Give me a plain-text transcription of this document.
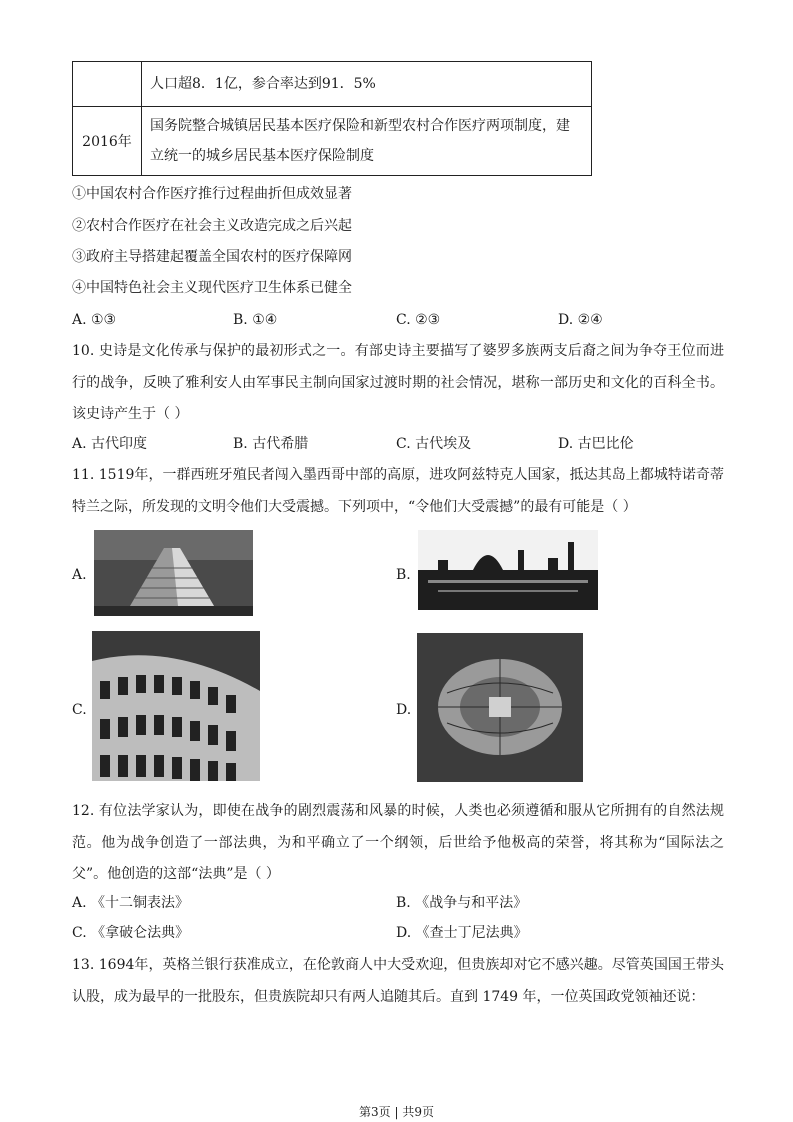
	人口超8．1亿，参合率达到91．5%
2016年	国务院整合城镇居民基本医疗保险和新型农村合作医疗两项制度，建立统一的城乡居民基本医疗保险制度
①中国农村合作医疗推行过程曲折但成效显著
②农村合作医疗在社会主义改造完成之后兴起
③政府主导搭建起覆盖全国农村的医疗保障网
④中国特色社会主义现代医疗卫生体系已健全
A. ①③	B. ①④	C. ②③	D. ②④
10. 史诗是文化传承与保护的最初形式之一。有部史诗主要描写了婆罗多族两支后裔之间为争夺王位而进行的战争，反映了雅利安人由军事民主制向国家过渡时期的社会情况，堪称一部历史和文化的百科全书。该史诗产生于（ ）
A. 古代印度	B. 古代希腊	C. 古代埃及	D. 古巴比伦
11. 1519年，一群西班牙殖民者闯入墨西哥中部的高原，进攻阿兹特克人国家，抵达其岛上都城特诺奇蒂特兰之际，所发现的文明令他们大受震撼。下列项中，“令他们大受震撼”的最有可能是（ ）
A.	B.
C.	D.
12. 有位法学家认为，即使在战争的剧烈震荡和风暴的时候，人类也必须遵循和服从它所拥有的自然法规范。他为战争创造了一部法典，为和平确立了一个纲领，后世给予他极高的荣誉，将其称为“国际法之父”。他创造的这部“法典”是（ ）
A. 《十二铜表法》	B. 《战争与和平法》
C. 《拿破仑法典》	D. 《查士丁尼法典》
13. 1694年，英格兰银行获准成立，在伦敦商人中大受欢迎，但贵族却对它不感兴趣。尽管英国国王带头认股，成为最早的一批股东，但贵族院却只有两人追随其后。直到 1749 年，一位英国政党领袖还说：
第3页 | 共9页
